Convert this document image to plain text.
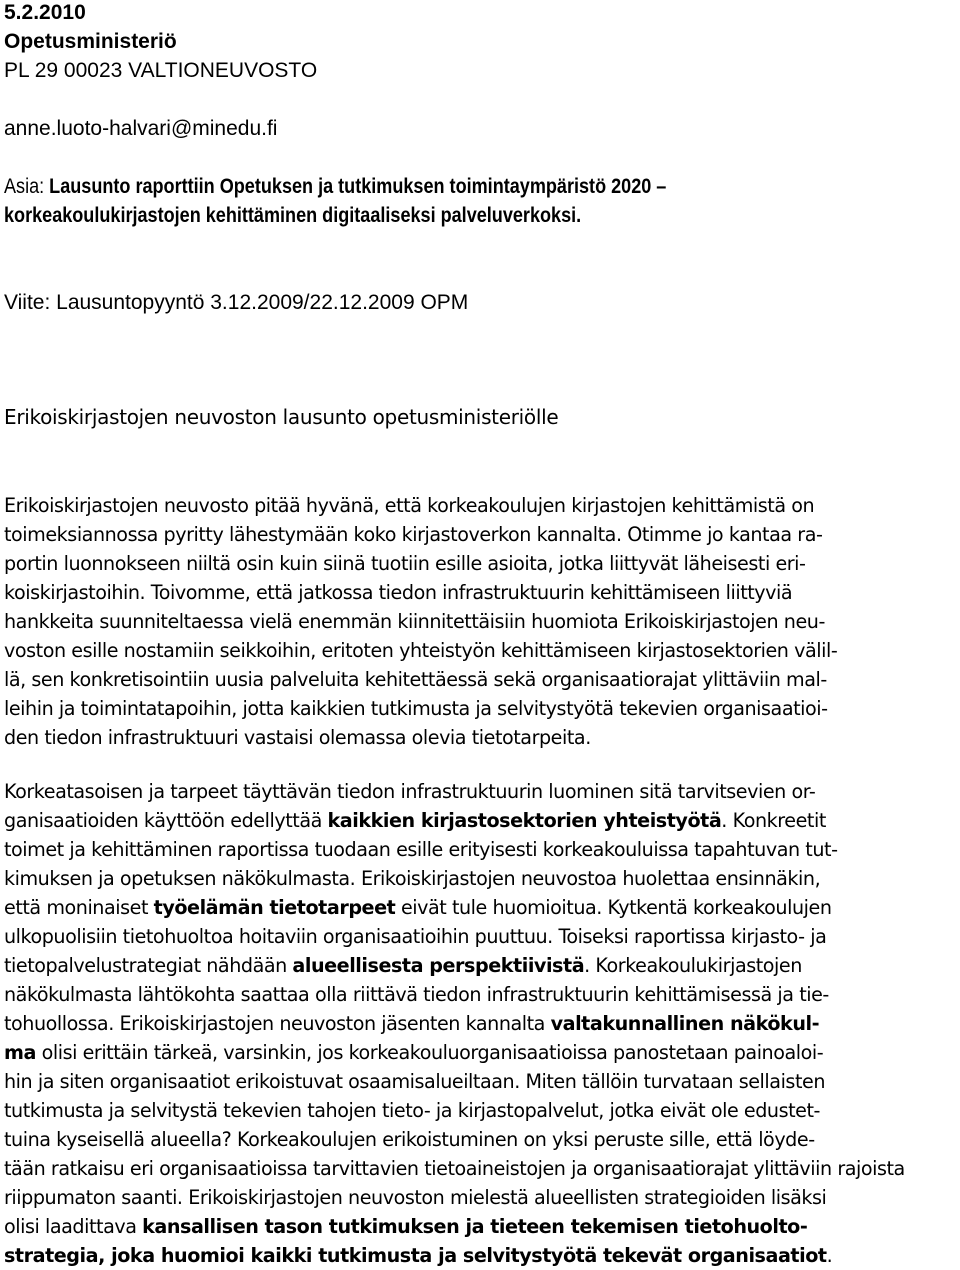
5.2.2010
Opetusministeriö
PL 29 00023 VALTIONEUVOSTO
anne.luoto-halvari@minedu.fi
Asia: Lausunto raporttiin Opetuksen ja tutkimuksen toimintaympäristö 2020 –
korkeakoulukirjastojen kehittäminen digitaaliseksi palveluverkoksi.
Viite: Lausuntopyyntö 3.12.2009/22.12.2009 OPM
Erikoiskirjastojen neuvoston lausunto opetusministeriölle
Erikoiskirjastojen neuvosto pitää hyvänä, että korkeakoulujen kirjastojen kehittämistä on
toimeksiannossa pyritty lähestymään koko kirjastoverkon kannalta. Otimme jo kantaa ra-
portin luonnokseen niiltä osin kuin siinä tuotiin esille asioita, jotka liittyvät läheisesti eri-
koiskirjastoihin. Toivomme, että jatkossa tiedon infrastruktuurin kehittämiseen liittyviä
hankkeita suunniteltaessa vielä enemmän kiinnitettäisiin huomiota Erikoiskirjastojen neu-
voston esille nostamiin seikkoihin, eritoten yhteistyön kehittämiseen kirjastosektorien välil-
lä, sen konkretisointiin uusia palveluita kehitettäessä sekä organisaatiorajat ylittäviin mal-
leihin ja toimintatapoihin, jotta kaikkien tutkimusta ja selvitystyötä tekevien organisaatioi-
den tiedon infrastruktuuri vastaisi olemassa olevia tietotarpeita.
Korkeatasoisen ja tarpeet täyttävän tiedon infrastruktuurin luominen sitä tarvitsevien or-
ganisaatioiden käyttöön edellyttää kaikkien kirjastosektorien yhteistyötä. Konkreetit
toimet ja kehittäminen raportissa tuodaan esille erityisesti korkeakouluissa tapahtuvan tut-
kimuksen ja opetuksen näkökulmasta. Erikoiskirjastojen neuvostoa huolettaa ensinnäkin,
että moninaiset työelämän tietotarpeet eivät tule huomioitua. Kytkentä korkeakoulujen
ulkopuolisiin tietohuoltoa hoitaviin organisaatioihin puuttuu. Toiseksi raportissa kirjasto- ja
tietopalvelustrategiat nähdään alueellisesta perspektiivistä. Korkeakoulukirjastojen
näkökulmasta lähtökohta saattaa olla riittävä tiedon infrastruktuurin kehittämisessä ja tie-
tohuollossa. Erikoiskirjastojen neuvoston jäsenten kannalta valtakunnallinen näkökul-
ma olisi erittäin tärkeä, varsinkin, jos korkeakouluorganisaatioissa panostetaan painoaloi-
hin ja siten organisaatiot erikoistuvat osaamisalueiltaan. Miten tällöin turvataan sellaisten
tutkimusta ja selvitystä tekevien tahojen tieto- ja kirjastopalvelut, jotka eivät ole edustet-
tuina kyseisellä alueella? Korkeakoulujen erikoistuminen on yksi peruste sille, että löyde-
tään ratkaisu eri organisaatioissa tarvittavien tietoaineistojen ja organisaatiorajat ylittäviin rajoista
riippumaton saanti. Erikoiskirjastojen neuvoston mielestä alueellisten strategioiden lisäksi
olisi laadittava kansallisen tason tutkimuksen ja tieteen tekemisen tietohuolto-
strategia, joka huomioi kaikki tutkimusta ja selvitystyötä tekevät organisaatiot.
